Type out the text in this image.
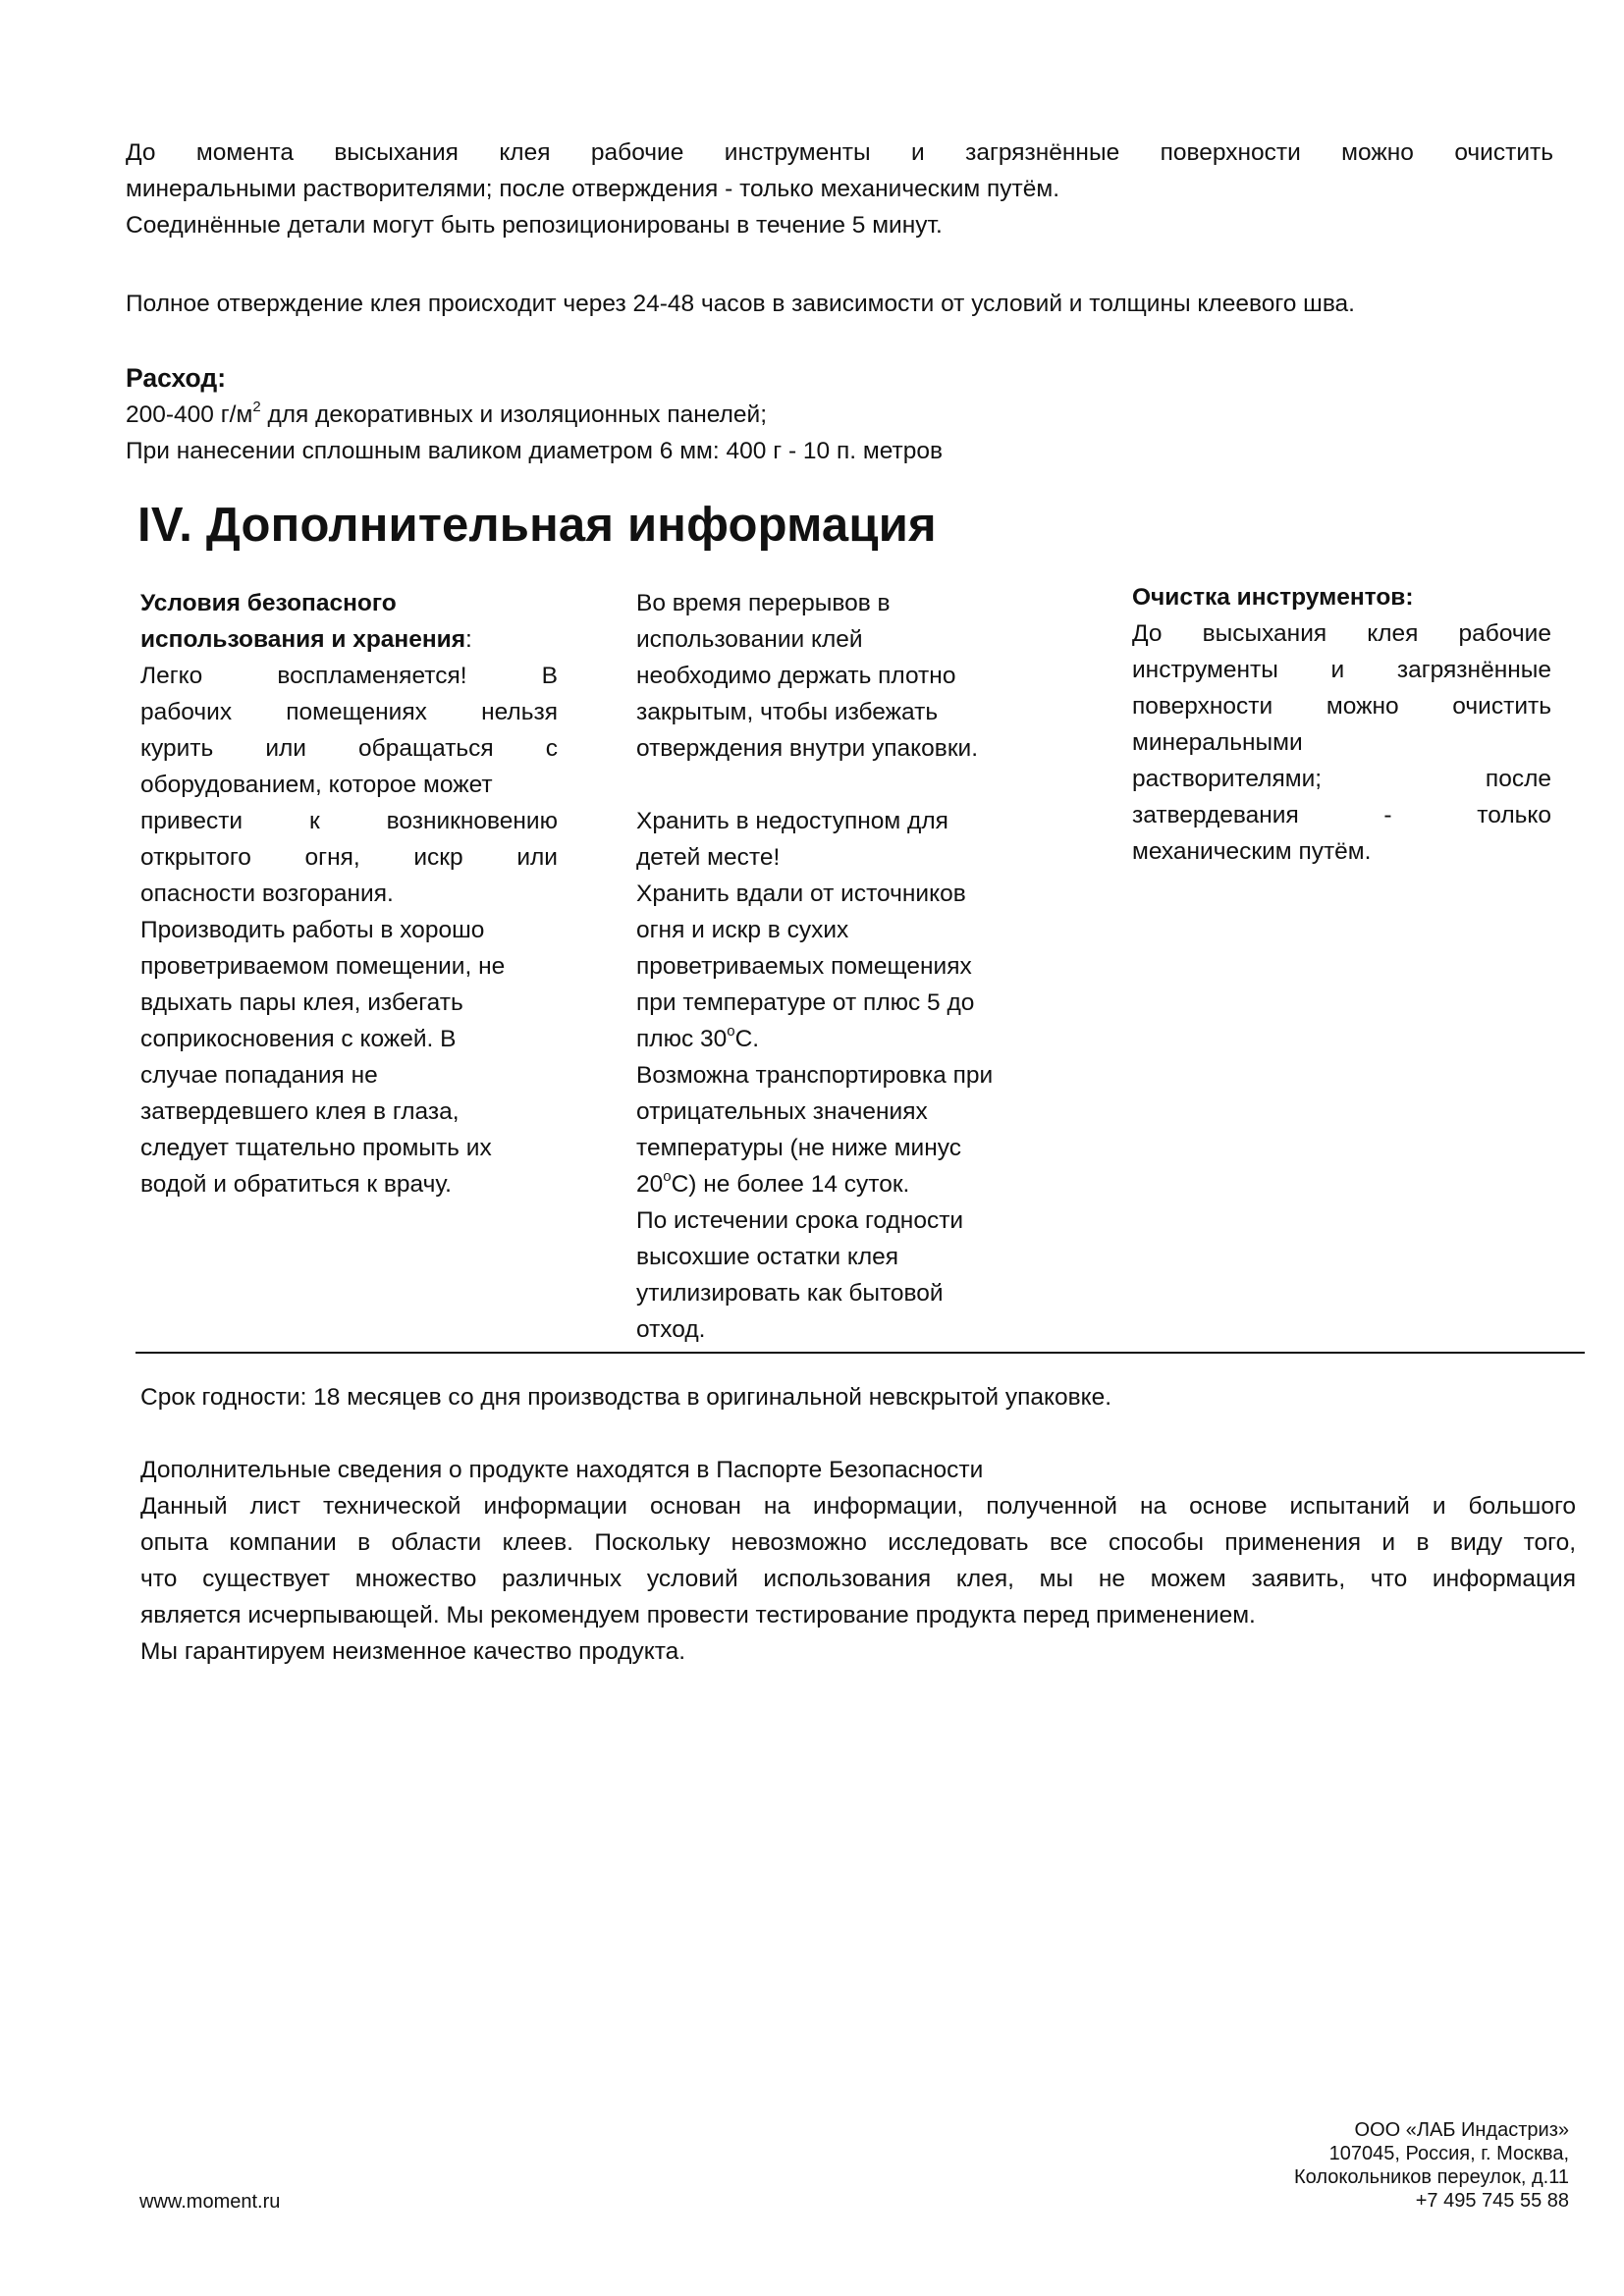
До момента высыхания клея рабочие инструменты и загрязнённые поверхности можно очистить
минеральными растворителями; после отверждения - только механическим путём.
Соединённые детали могут быть репозиционированы в течение 5 минут.
Полное отверждение клея происходит через 24-48 часов в зависимости от условий и толщины клеевого шва.
Расход:
200-400 $г/м^2$ для декоративных и изоляционных панелей;
При нанесении сплошным валиком диаметром 6 мм: 400 г - 10 п. метров
IV. Дополнительная информация
Условия безопасного
использования и хранения:
Легко воспламеняется! В
рабочих помещениях нельзя
курить или обращаться с
оборудованием, которое может
привести к возникновению
открытого огня, искр или
опасности возгорания.
Производить работы в хорошо
проветриваемом помещении, не
вдыхать пары клея, избегать
соприкосновения с кожей. В
случае попадания не
затвердевшего клея в глаза,
следует тщательно промыть их
водой и обратиться к врачу.
Во время перерывов в
использовании клей
необходимо держать плотно
закрытым, чтобы избежать
отверждения внутри упаковки.
Хранить в недоступном для
детей месте!
Хранить вдали от источников
огня и искр в сухих
проветриваемых помещениях
при температуре от плюс 5 до
плюс $30^оС$.
Возможна транспортировка при
отрицательных значениях
температуры (не ниже минус
$20^оС$) не более 14 суток.
По истечении срока годности
высохшие остатки клея
утилизировать как бытовой
отход.
Очистка инструментов:
До высыхания клея рабочие
инструменты и загрязнённые
поверхности можно очистить
минеральными
растворителями; после
затвердевания - только
механическим путём.
Срок годности: 18 месяцев со дня производства в оригинальной невскрытой упаковке.
Дополнительные сведения о продукте находятся в Паспорте Безопасности
Данный лист технической информации основан на информации, полученной на основе испытаний и большого
опыта компании в области клеев. Поскольку невозможно исследовать все способы применения и в виду того,
что существует множество различных условий использования клея, мы не можем заявить, что информация
является исчерпывающей. Мы рекомендуем провести тестирование продукта перед применением.
Мы гарантируем неизменное качество продукта.
www.moment.ru
ООО «ЛАБ Индастриз»
107045, Россия, г. Москва,
Колокольников переулок, д.11
+7 495 745 55 88
